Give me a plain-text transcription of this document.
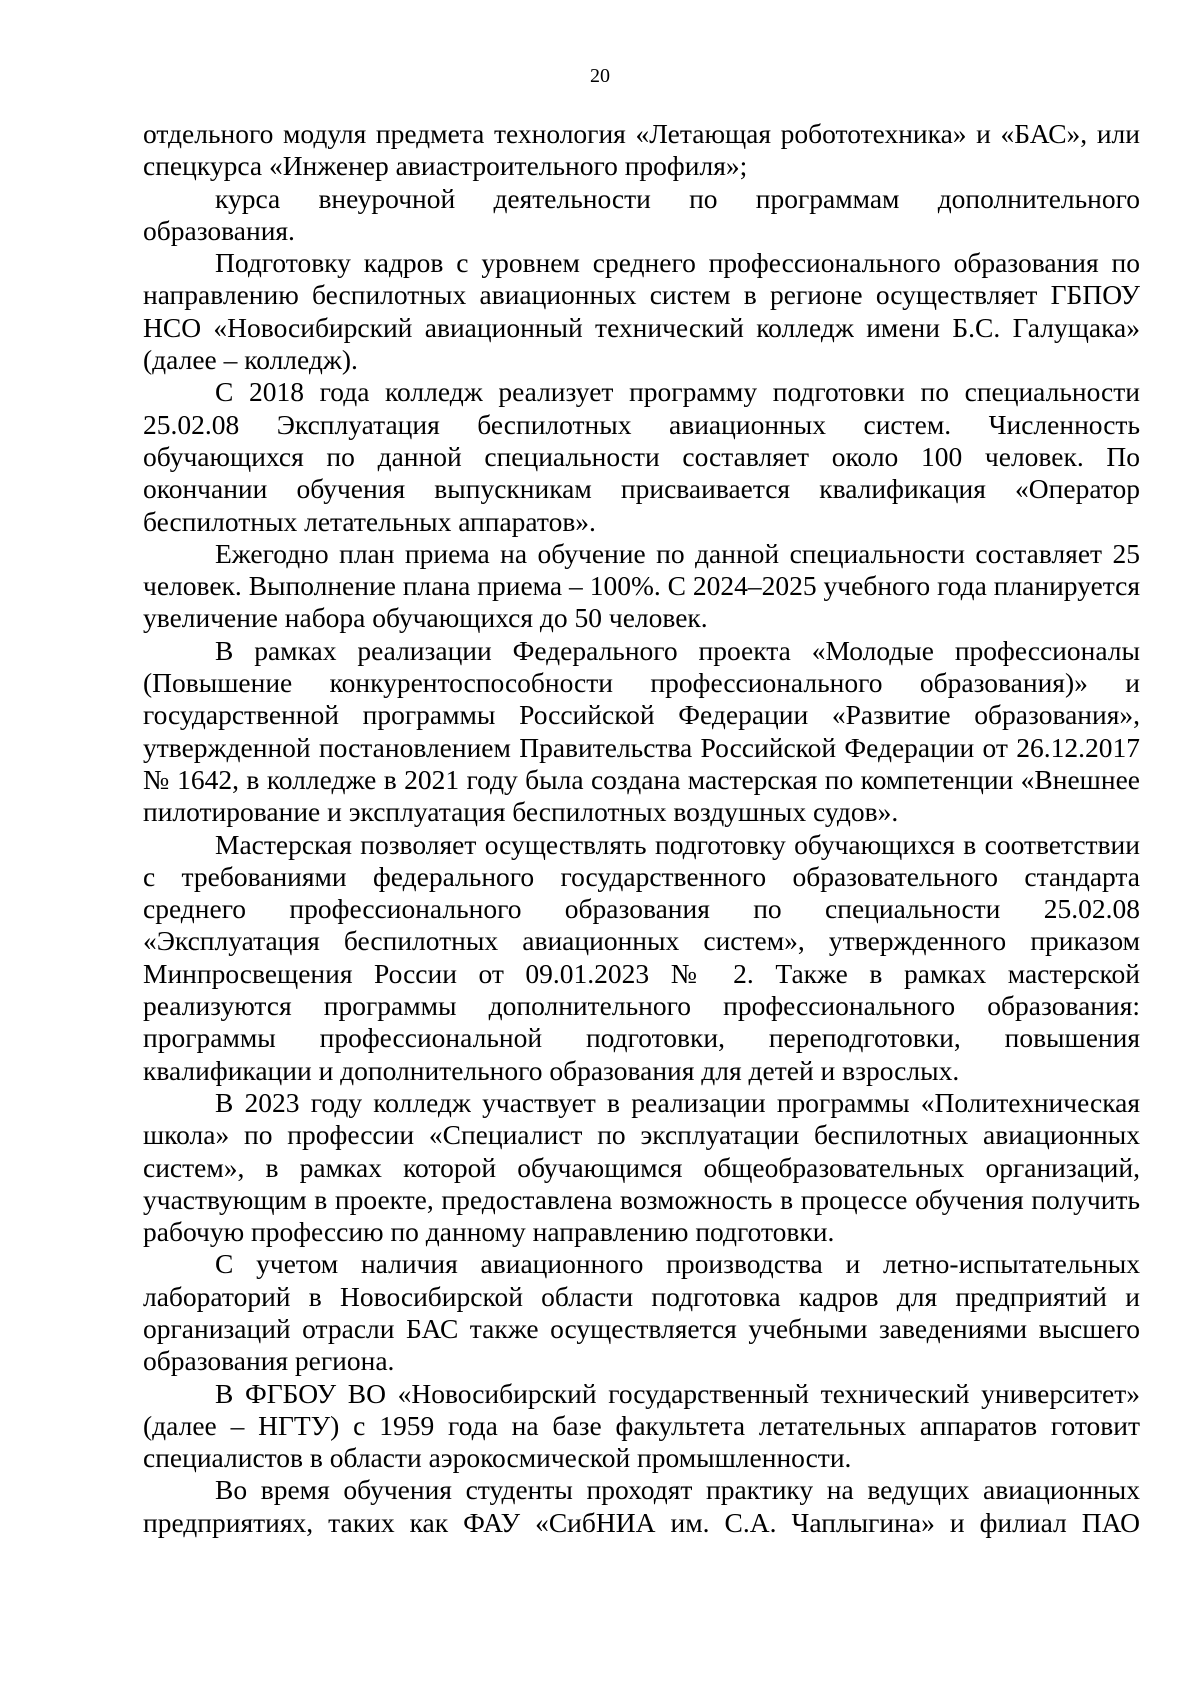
20

отдельного модуля предмета технология «Летающая робототехника» и «БАС», или спецкурса «Инженер авиастроительного профиля»;

курса внеурочной деятельности по программам дополнительного образования.

Подготовку кадров с уровнем среднего профессионального образования по направлению беспилотных авиационных систем в регионе осуществляет ГБПОУ НСО «Новосибирский авиационный технический колледж имени Б.С. Галущака» (далее – колледж).

С 2018 года колледж реализует программу подготовки по специальности 25.02.08 Эксплуатация беспилотных авиационных систем. Численность обучающихся по данной специальности составляет около 100 человек. По окончании обучения выпускникам присваивается квалификация «Оператор беспилотных летательных аппаратов».

Ежегодно план приема на обучение по данной специальности составляет 25 человек. Выполнение плана приема – 100%. С 2024–2025 учебного года планируется увеличение набора обучающихся до 50 человек.

В рамках реализации Федерального проекта «Молодые профессионалы (Повышение конкурентоспособности профессионального образования)» и государственной программы Российской Федерации «Развитие образования», утвержденной постановлением Правительства Российской Федерации от 26.12.2017 № 1642, в колледже в 2021 году была создана мастерская по компетенции «Внешнее пилотирование и эксплуатация беспилотных воздушных судов».

Мастерская позволяет осуществлять подготовку обучающихся в соответствии с требованиями федерального государственного образовательного стандарта среднего профессионального образования по специальности 25.02.08 «Эксплуатация беспилотных авиационных систем», утвержденного приказом Минпросвещения России от 09.01.2023 № 2. Также в рамках мастерской реализуются программы дополнительного профессионального образования: программы профессиональной подготовки, переподготовки, повышения квалификации и дополнительного образования для детей и взрослых.

В 2023 году колледж участвует в реализации программы «Политехническая школа» по профессии «Специалист по эксплуатации беспилотных авиационных систем», в рамках которой обучающимся общеобразовательных организаций, участвующим в проекте, предоставлена возможность в процессе обучения получить рабочую профессию по данному направлению подготовки.

С учетом наличия авиационного производства и летно-испытательных лабораторий в Новосибирской области подготовка кадров для предприятий и организаций отрасли БАС также осуществляется учебными заведениями высшего образования региона.

В ФГБОУ ВО «Новосибирский государственный технический университет» (далее – НГТУ) с 1959 года на базе факультета летательных аппаратов готовит специалистов в области аэрокосмической промышленности.

Во время обучения студенты проходят практику на ведущих авиационных предприятиях, таких как ФАУ «СибНИА им. С.А. Чаплыгина» и филиал ПАО
